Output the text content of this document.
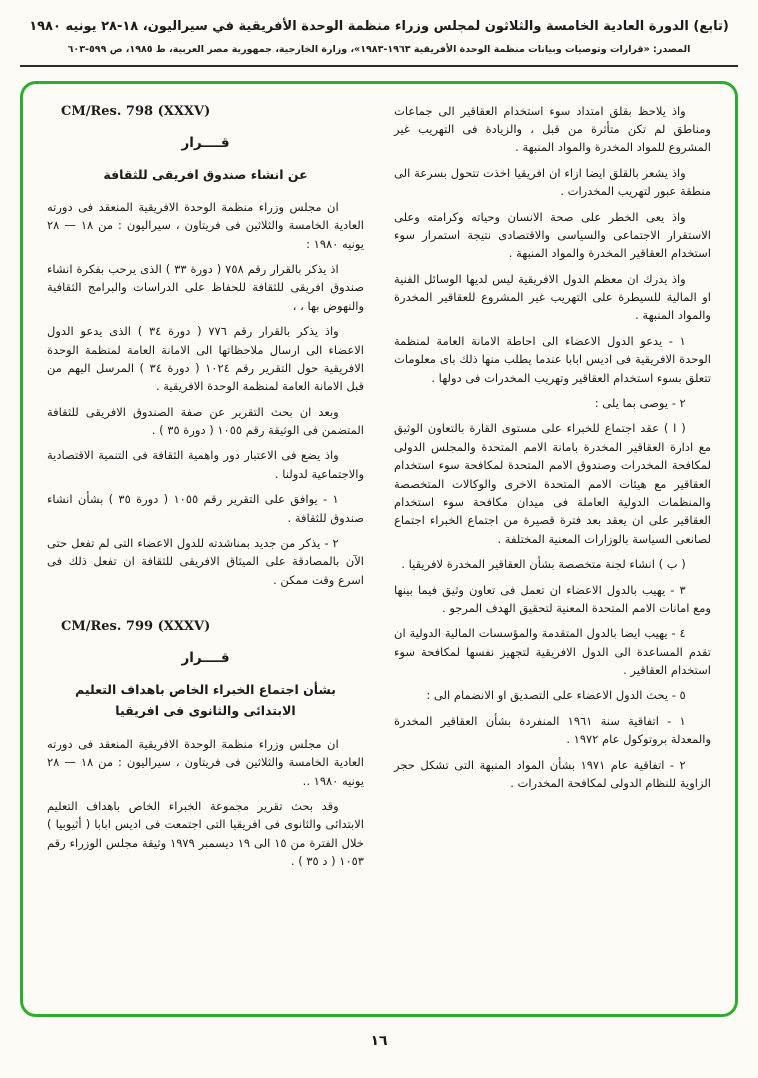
(تابع) الدورة العادية الخامسة والثلاثون لمجلس وزراء منظمة الوحدة الأفريقية في سيراليون، ١٨-٢٨ يونيه ١٩٨٠
المصدر: «قرارات وتوصيات وبيانات منظمة الوحدة الأفريقية ١٩٦٣-١٩٨٣»، وزارة الخارجية، جمهورية مصر العربية، ط ١٩٨٥، ص ٥٩٩-٦٠٣

واذ يلاحظ بقلق امتداد سوء استخدام العقاقير الى جماعات ومناطق لم تكن متأثرة من قبل ، والزيادة فى التهريب غير المشروع للمواد المخدرة والمواد المنبهة .

واذ يشعر بالقلق ايضا ازاء ان افريقيا اخذت تتحول بسرعة الى منطقة عبور لتهريب المخدرات .

واذ يعى الخطر على صحة الانسان وحياته وكرامته وعلى الاستقرار الاجتماعى والسياسى والاقتصادى نتيجة استمرار سوء استخدام العقاقير المخدرة والمواد المنبهة .

واذ يدرك ان معظم الدول الافريقية ليس لديها الوسائل الفنية او المالية للسيطرة على التهريب غير المشروع للعقاقير المخدرة والمواد المنبهة .

١ - يدعو الدول الاعضاء الى احاطة الامانة العامة لمنظمة الوحدة الافريقية فى اديس ابابا عندما يطلب منها ذلك باى معلومات تتعلق بسوء استخدام العقاقير وتهريب المخدرات فى دولها .

٢ - يوصى بما يلى :

( ا ) عقد اجتماع للخبراء على مستوى القارة بالتعاون الوثيق مع ادارة العقاقير المخدرة بامانة الامم المتحدة والمجلس الدولى لمكافحة المخدرات وصندوق الامم المتحدة لمكافحة سوء استخدام العقاقير مع هيئات الامم المتحدة الاخرى والوكالات المتخصصة والمنظمات الدولية العاملة فى ميدان مكافحة سوء استخدام العقاقير على ان يعقد بعد فترة قصيرة من اجتماع الخبراء اجتماع لصانعى السياسة بالوزارات المعنية المختلفة .

( ب ) انشاء لجنة متخصصة بشأن العقاقير المخدرة لافريقيا .

٣ - يهيب بالدول الاعضاء ان تعمل فى تعاون وثيق فيما بينها ومع امانات الامم المتحدة المعنية لتحقيق الهدف المرجو .

٤ - يهيب ايضا بالدول المتقدمة والمؤسسات المالية الدولية ان تقدم المساعدة الى الدول الافريقية لتجهيز نفسها لمكافحة سوء استخدام العقاقير .

٥ - يحث الدول الاعضاء على التصديق او الانضمام الى :

١ - اتفاقية سنة ١٩٦١ المنفردة بشأن العقاقير المخدرة والمعدلة بروتوكول عام ١٩٧٢ .

٢ - اتفاقية عام ١٩٧١ بشأن المواد المنبهة التى تشكل حجر الزاوية للنظام الدولى لمكافحة المخدرات .

CM/Res. 798 (XXXV)
قــــرار
عن انشاء صندوق افريقى للثقافة

ان مجلس وزراء منظمة الوحدة الافريقية المنعقد فى دورته العادية الخامسة والثلاثين فى فريتاون ، سيراليون : من ١٨ — ٢٨ يونيه ١٩٨٠ :

اذ يذكر بالقرار رقم ٧٥٨ ( دورة ٣٣ ) الذى يرحب بفكرة انشاء صندوق افريقى للثقافة للحفاظ على الدراسات والبرامج الثقافية والنهوض بها ، ،

واذ يذكر بالقرار رقم ٧٧٦ ( دورة ٣٤ ) الذى يدعو الدول الاعضاء الى ارسال ملاحظاتها الى الامانة العامة لمنظمة الوحدة الافريقية حول التقرير رقم ١٠٢٤ ( دورة ٣٤ ) المرسل اليهم من قبل الامانة العامة لمنظمة الوحدة الافريقية .

وبعد ان بحث التقرير عن صفة الصندوق الافريقى للثقافة المتضمن فى الوثيقة رقم ١٠٥٥ ( دورة ٣٥ ) .

واذ يضع فى الاعتبار دور واهمية الثقافة فى التنمية الاقتصادية والاجتماعية لدولنا .

١ - يوافق على التقرير رقم ١٠٥٥ ( دورة ٣٥ ) بشأن انشاء صندوق للثقافة .

٢ - يذكر من جديد بمناشدته للدول الاعضاء التى لم تفعل حتى الآن بالمصادقة على الميثاق الافريقى للثقافة ان تفعل ذلك فى اسرع وقت ممكن .

CM/Res. 799 (XXXV)
قــــرار
بشأن اجتماع الخبراء الخاص باهداف التعليم الابتدائى والثانوى فى افريقيا

ان مجلس وزراء منظمة الوحدة الافريقية المنعقد فى دورته العادية الخامسة والثلاثين فى فريتاون ، سيراليون : من ١٨ — ٢٨ يونيه ١٩٨٠ ..

وقد بحث تقرير مجموعة الخبراء الخاص باهداف التعليم الابتدائى والثانوى فى افريقيا التى اجتمعت فى اديس ابابا ( أثيوبيا ) خلال الفترة من ١٥ الى ١٩ ديسمبر ١٩٧٩ وثيقة مجلس الوزراء رقم ١٠٥٣ ( د ٣٥ ) .

١٦
